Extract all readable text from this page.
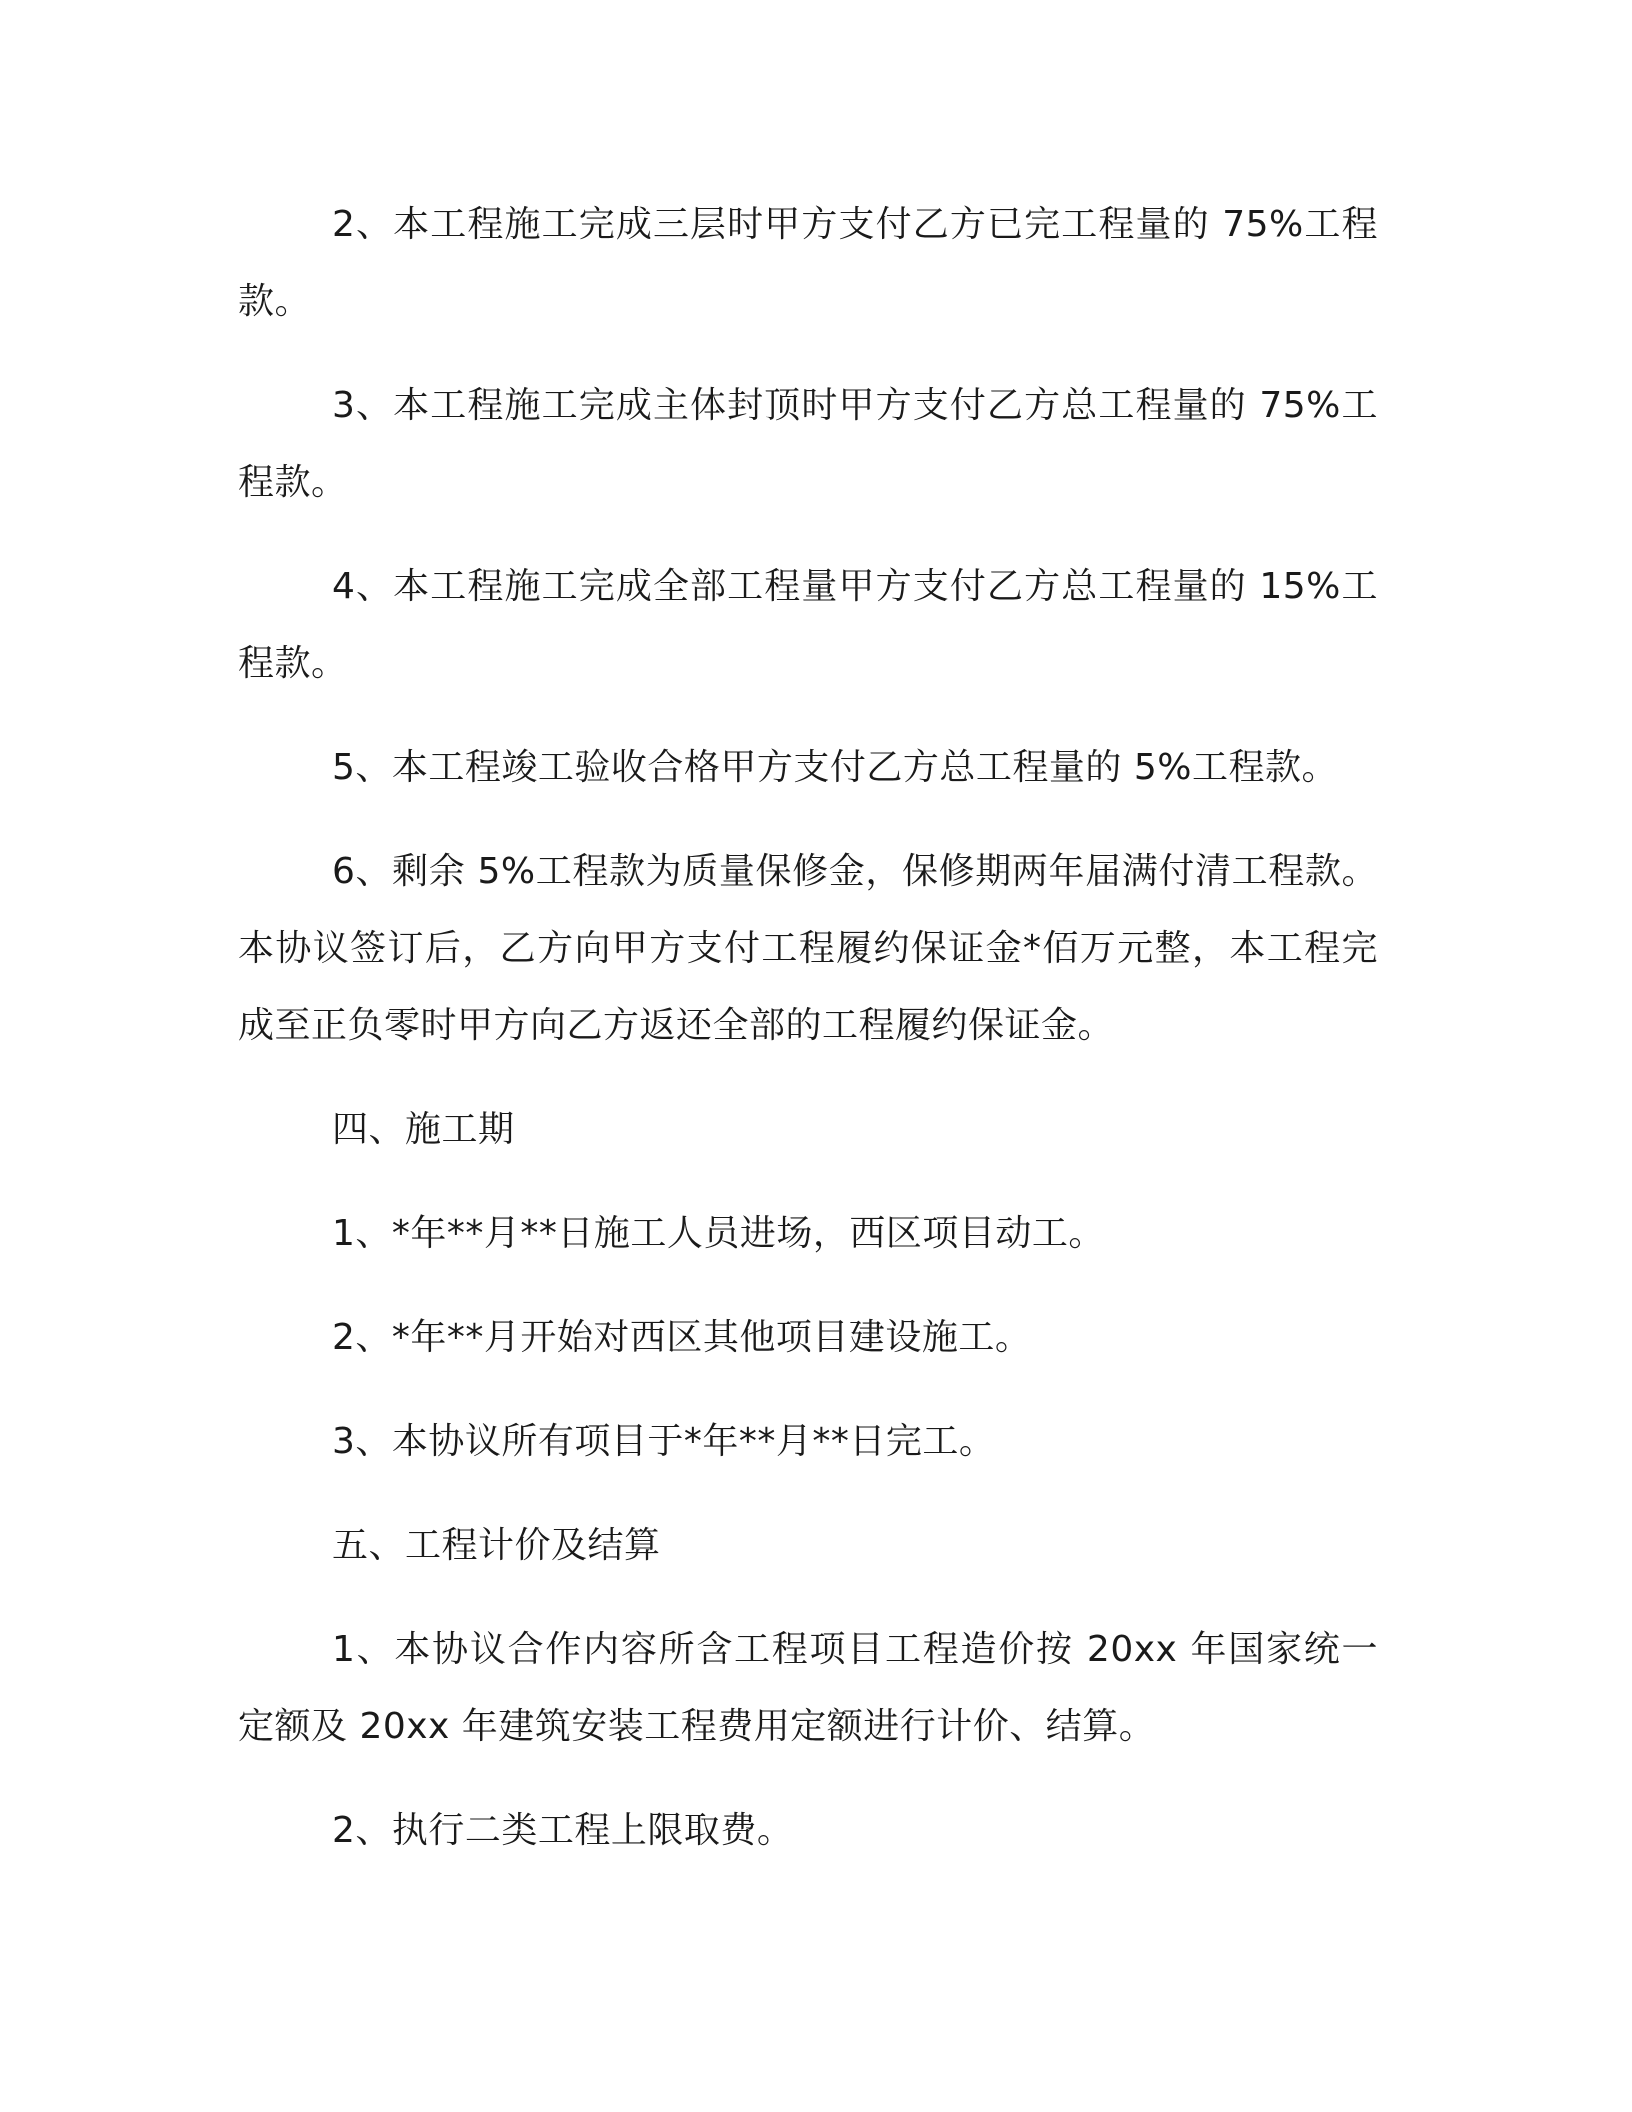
2、本工程施工完成三层时甲方支付乙方已完工程量的 75%工程款。

3、本工程施工完成主体封顶时甲方支付乙方总工程量的 75%工程款。

4、本工程施工完成全部工程量甲方支付乙方总工程量的 15%工程款。

5、本工程竣工验收合格甲方支付乙方总工程量的 5%工程款。

6、剩余 5%工程款为质量保修金，保修期两年届满付清工程款。本协议签订后，乙方向甲方支付工程履约保证金*佰万元整，本工程完成至正负零时甲方向乙方返还全部的工程履约保证金。

四、施工期

1、*年**月**日施工人员进场，西区项目动工。

2、*年**月开始对西区其他项目建设施工。

3、本协议所有项目于*年**月**日完工。

五、工程计价及结算

1、本协议合作内容所含工程项目工程造价按 20xx 年国家统一定额及 20xx 年建筑安装工程费用定额进行计价、结算。

2、执行二类工程上限取费。
